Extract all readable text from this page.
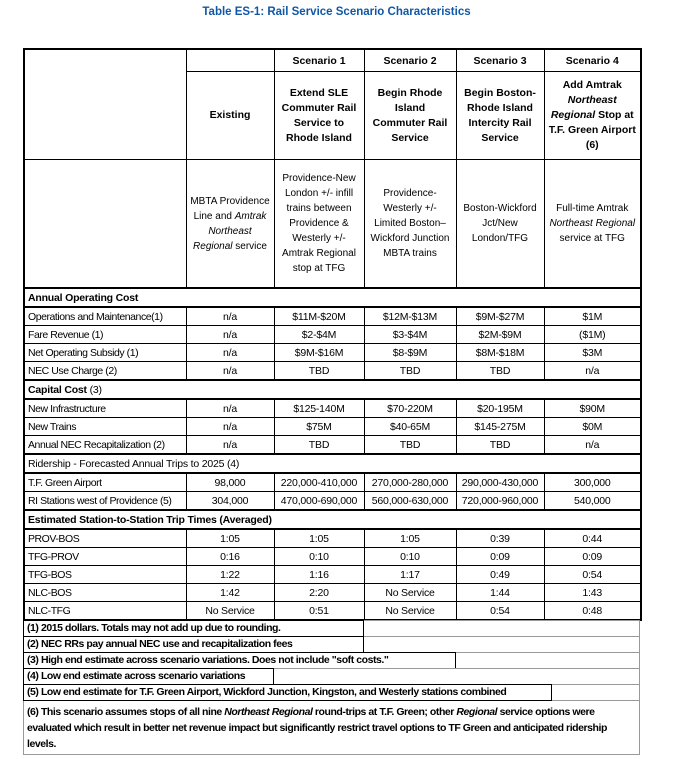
Table ES-1: Rail Service Scenario Characteristics
		Scenario 1	Scenario 2	Scenario 3	Scenario 4
	Existing	Extend SLE Commuter Rail Service to Rhode Island	Begin Rhode Island Commuter Rail Service	Begin Boston-Rhode Island Intercity Rail Service	Add Amtrak Northeast Regional Stop at T.F. Green Airport (6)
	MBTA Providence Line and Amtrak Northeast Regional service	Providence-New London +/- infill trains between Providence & Westerly +/- Amtrak Regional stop at TFG	Providence-Westerly +/- Limited Boston–Wickford Junction MBTA trains	Boston-Wickford Jct/New London/TFG	Full-time Amtrak Northeast Regional service at TFG
Annual Operating Cost					
Operations and Maintenance(1)	n/a	$11M-$20M	$12M-$13M	$9M-$27M	$1M
Fare Revenue (1)	n/a	$2-$4M	$3-$4M	$2M-$9M	($1M)
Net Operating Subsidy (1)	n/a	$9M-$16M	$8-$9M	$8M-$18M	$3M
NEC Use Charge (2)	n/a	TBD	TBD	TBD	n/a
Capital Cost (3)					
New Infrastructure	n/a	$125-140M	$70-220M	$20-195M	$90M
New Trains	n/a	$75M	$40-65M	$145-275M	$0M
Annual NEC Recapitalization (2)	n/a	TBD	TBD	TBD	n/a
Ridership - Forecasted Annual Trips to 2025 (4)					
T.F. Green Airport	98,000	220,000-410,000	270,000-280,000	290,000-430,000	300,000
RI Stations west of Providence (5)	304,000	470,000-690,000	560,000-630,000	720,000-960,000	540,000
Estimated Station-to-Station Trip Times (Averaged)					
PROV-BOS	1:05	1:05	1:05	0:39	0:44
TFG-PROV	0:16	0:10	0:10	0:09	0:09
TFG-BOS	1:22	1:16	1:17	0:49	0:54
NLC-BOS	1:42	2:20	No Service	1:44	1:43
NLC-TFG	No Service	0:51	No Service	0:54	0:48
(1) 2015 dollars. Totals may not add up due to rounding.
(2) NEC RRs pay annual NEC use and recapitalization fees
(3) High end estimate across scenario variations. Does not include "soft costs."
(4) Low end estimate across scenario variations
(5) Low end estimate for T.F. Green Airport, Wickford Junction, Kingston, and Westerly stations combined
(6) This scenario assumes stops of all nine Northeast Regional round-trips at T.F. Green; other Regional service options were evaluated which result in better net revenue impact but significantly restrict travel options to TF Green and anticipated ridership levels.
